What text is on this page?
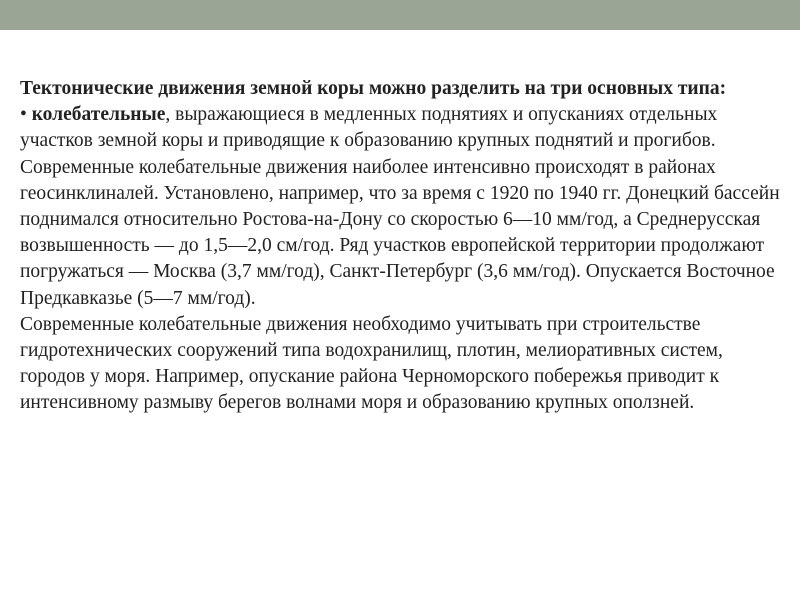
Тектонические движения земной коры можно разделить на три основных типа:

• колебательные, выражающиеся в медленных поднятиях и опусканиях отдельных участков земной коры и приводящие к образованию крупных поднятий и прогибов. Современные колебательные движения наиболее интенсивно происходят в районах геосинклиналей. Установлено, например, что за время с 1920 по 1940 гг. Донецкий бассейн поднимался относительно Ростова-на-Дону со скоростью 6—10 мм/год, а Среднерусская возвышенность — до 1,5—2,0 см/год. Ряд участков европейской территории продолжают погружаться — Москва (3,7 мм/год), Санкт-Петербург (3,6 мм/год). Опускается Восточное Предкавказье (5—7 мм/год).

Современные колебательные движения необходимо учитывать при строительстве гидротехнических сооружений типа водохранилищ, плотин, мелиоративных систем, городов у моря. Например, опускание района Черноморского побережья приводит к интенсивному размыву берегов волнами моря и образованию крупных оползней.
